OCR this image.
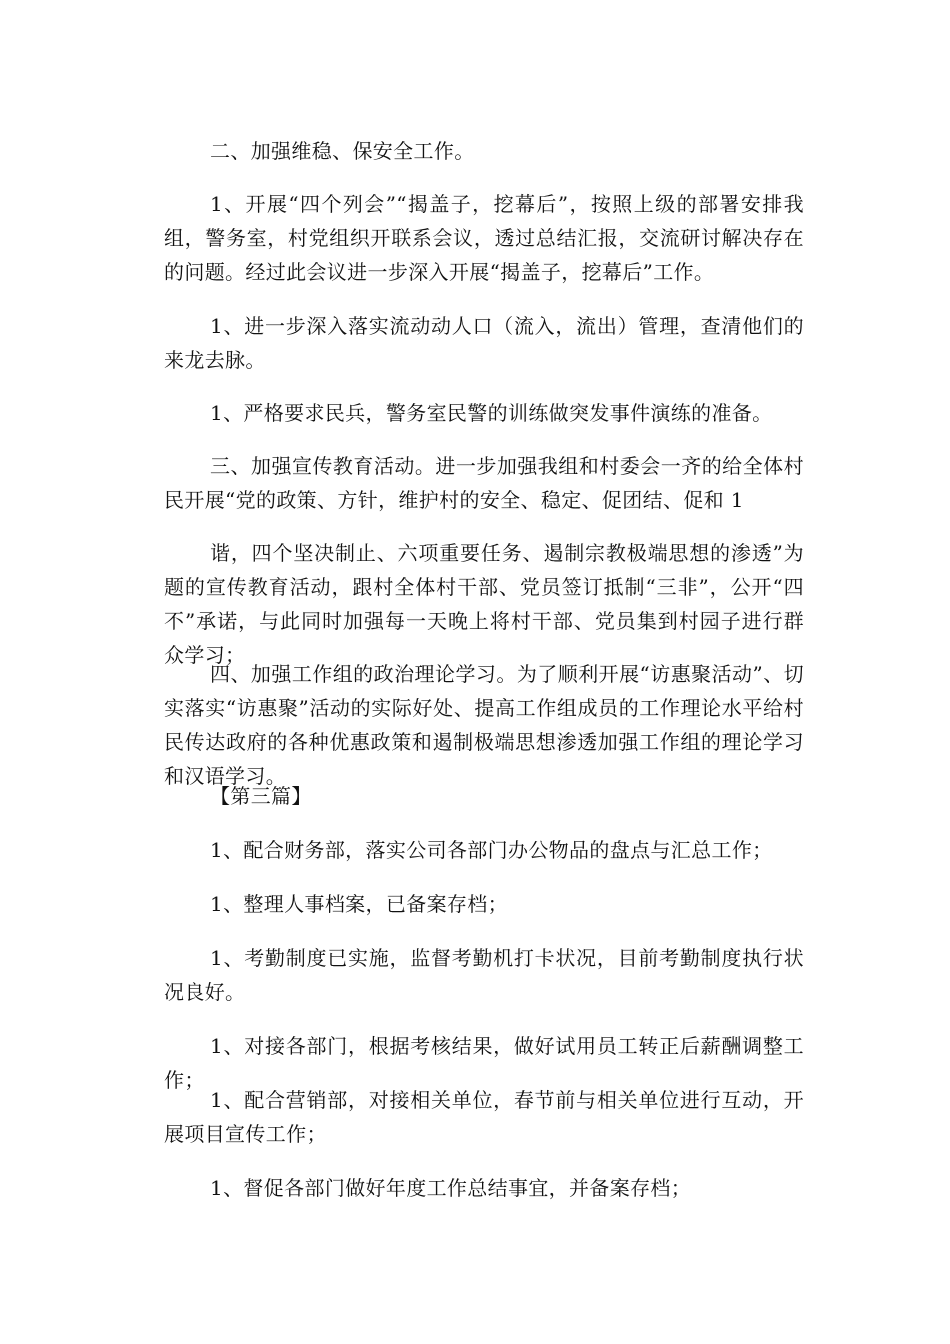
二、加强维稳、保安全工作。

1、开展“四个列会”“揭盖子，挖幕后”，按照上级的部署安排我组，警务室，村党组织开联系会议，透过总结汇报，交流研讨解决存在的问题。经过此会议进一步深入开展“揭盖子，挖幕后”工作。

1、进一步深入落实流动动人口（流入，流出）管理，查清他们的来龙去脉。

1、严格要求民兵，警务室民警的训练做突发事件演练的准备。

三、加强宣传教育活动。进一步加强我组和村委会一齐的给全体村民开展“党的政策、方针，维护村的安全、稳定、促团结、促和 1

谐，四个坚决制止、六项重要任务、遏制宗教极端思想的渗透”为题的宣传教育活动，跟村全体村干部、党员签订抵制“三非”，公开“四不”承诺，与此同时加强每一天晚上将村干部、党员集到村园子进行群众学习；

四、加强工作组的政治理论学习。为了顺利开展“访惠聚活动”、切实落实“访惠聚”活动的实际好处、提高工作组成员的工作理论水平给村民传达政府的各种优惠政策和遏制极端思想渗透加强工作组的理论学习和汉语学习。

【第三篇】

1、配合财务部，落实公司各部门办公物品的盘点与汇总工作；

1、整理人事档案，已备案存档；

1、考勤制度已实施，监督考勤机打卡状况，目前考勤制度执行状况良好。

1、对接各部门，根据考核结果，做好试用员工转正后薪酬调整工作；

1、配合营销部，对接相关单位，春节前与相关单位进行互动，开展项目宣传工作；

1、督促各部门做好年度工作总结事宜，并备案存档；
